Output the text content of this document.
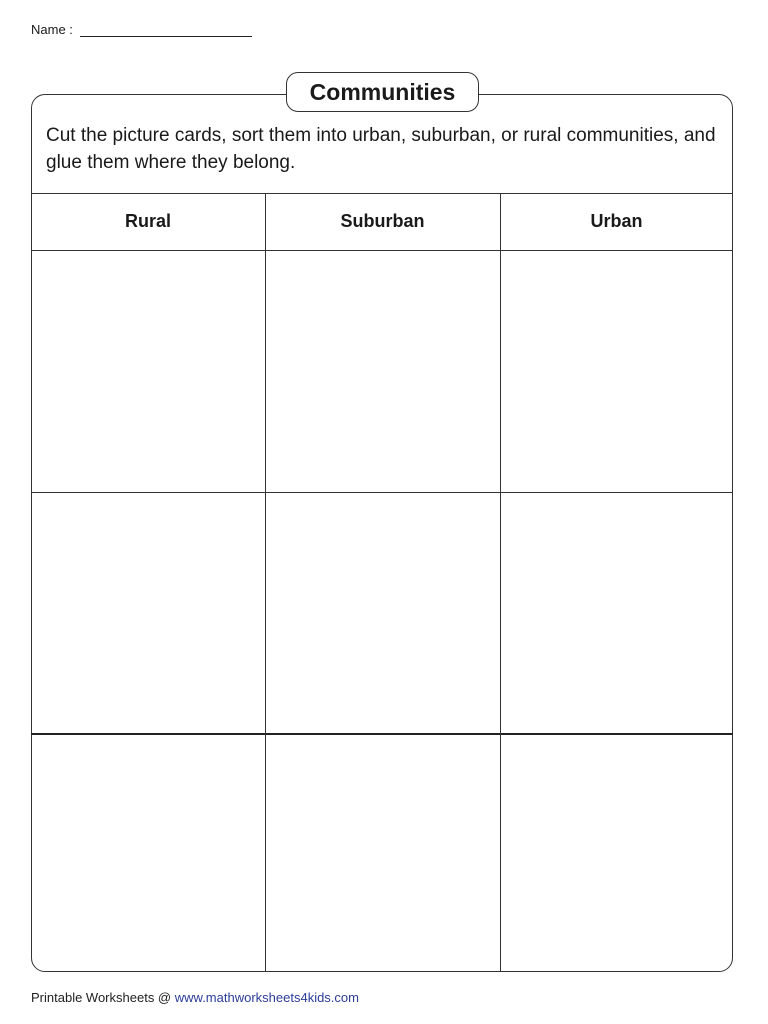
Name :
Communities
Cut the picture cards, sort them into urban, suburban, or rural communities, and glue them where they belong.
Rural	Suburban	Urban
Printable Worksheets @ www.mathworksheets4kids.com
